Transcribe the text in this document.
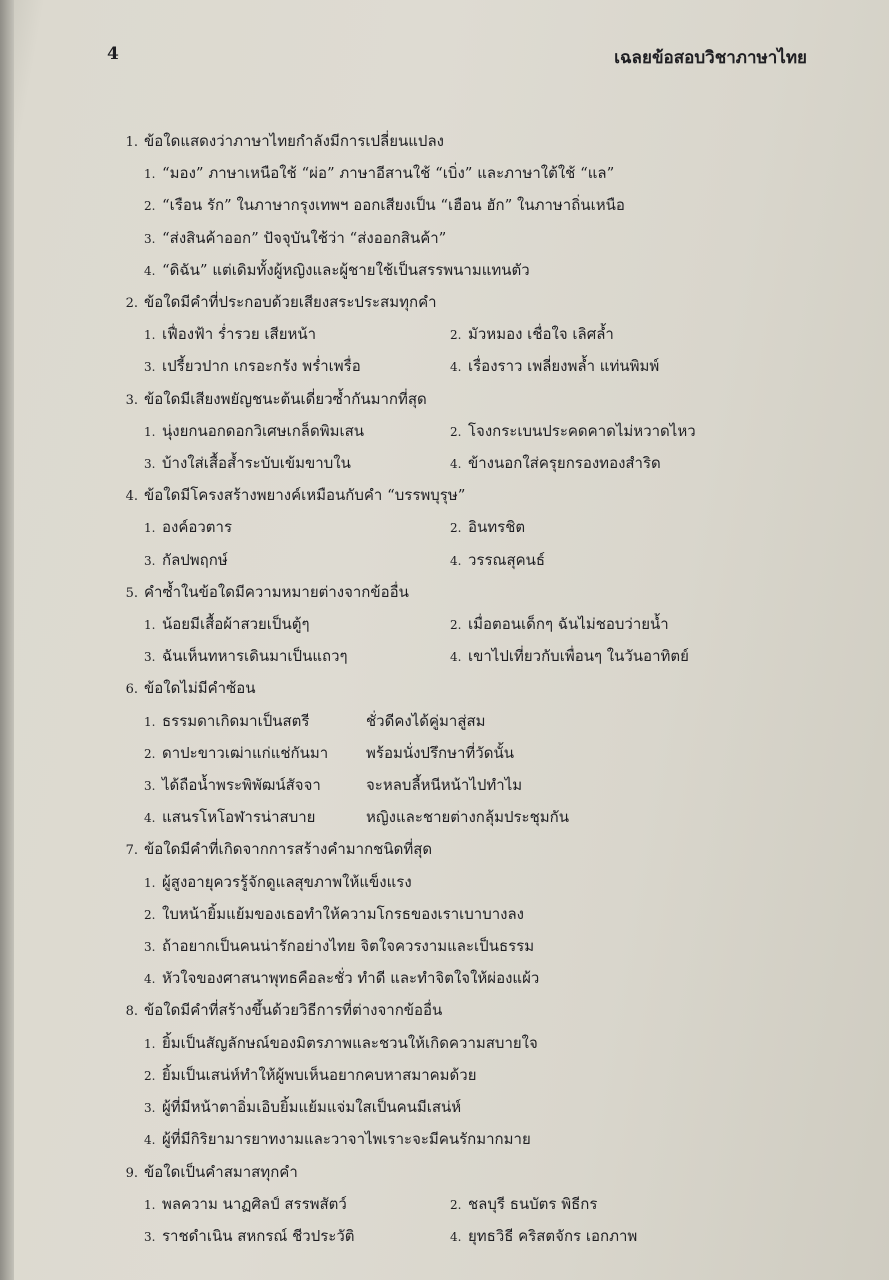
4	เฉลยข้อสอบวิชาภาษาไทย
1. ข้อใดแสดงว่าภาษาไทยกำลังมีการเปลี่ยนแปลง
1. “มอง” ภาษาเหนือใช้ “ผ่อ” ภาษาอีสานใช้ “เบิ่ง” และภาษาใต้ใช้ “แล”
2. “เรือน รัก” ในภาษากรุงเทพฯ ออกเสียงเป็น “เฮือน ฮัก” ในภาษาถิ่นเหนือ
3. “ส่งสินค้าออก” ปัจจุบันใช้ว่า “ส่งออกสินค้า”
4. “ดิฉัน” แต่เดิมทั้งผู้หญิงและผู้ชายใช้เป็นสรรพนามแทนตัว
2. ข้อใดมีคำที่ประกอบด้วยเสียงสระประสมทุกคำ
1. เฟื่องฟ้า ร่ำรวย เสียหน้า	2. มัวหมอง เชื่อใจ เลิศล้ำ
3. เปรี้ยวปาก เกรอะกรัง พร่ำเพรื่อ	4. เรื่องราว เพลี่ยงพล้ำ แท่นพิมพ์
3. ข้อใดมีเสียงพยัญชนะต้นเดี่ยวซ้ำกันมากที่สุด
1. นุ่งยกนอกดอกวิเศษเกล็ดพิมเสน	2. โจงกระเบนประคดคาดไม่หวาดไหว
3. บ้างใส่เสื้อส้ำระบับเข้มขาบใน	4. ข้างนอกใส่ครุยกรองทองสำริด
4. ข้อใดมีโครงสร้างพยางค์เหมือนกับคำ “บรรพบุรุษ”
1. องค์อวตาร	2. อินทรชิต
3. กัลปพฤกษ์	4. วรรณสุคนธ์
5. คำซ้ำในข้อใดมีความหมายต่างจากข้ออื่น
1. น้อยมีเสื้อผ้าสวยเป็นตู้ๆ	2. เมื่อตอนเด็กๆ ฉันไม่ชอบว่ายน้ำ
3. ฉันเห็นทหารเดินมาเป็นแถวๆ	4. เขาไปเที่ยวกับเพื่อนๆ ในวันอาทิตย์
6. ข้อใดไม่มีคำซ้อน
1. ธรรมดาเกิดมาเป็นสตรี	ชั่วดีคงได้คู่มาสู่สม
2. ดาปะขาวเฒ่าแก่แช่กันมา	พร้อมนั่งปรึกษาที่วัดนั้น
3. ได้ถือน้ำพระพิพัฒน์สัจจา	จะหลบลี้หนีหน้าไปทำไม
4. แสนรโหโอฬารน่าสบาย	หญิงและชายต่างกลุ้มประชุมกัน
7. ข้อใดมีคำที่เกิดจากการสร้างคำมากชนิดที่สุด
1. ผู้สูงอายุควรรู้จักดูแลสุขภาพให้แข็งแรง
2. ใบหน้ายิ้มแย้มของเธอทำให้ความโกรธของเราเบาบางลง
3. ถ้าอยากเป็นคนน่ารักอย่างไทย จิตใจควรงามและเป็นธรรม
4. หัวใจของศาสนาพุทธคือละชั่ว ทำดี และทำจิตใจให้ผ่องแผ้ว
8. ข้อใดมีคำที่สร้างขึ้นด้วยวิธีการที่ต่างจากข้ออื่น
1. ยิ้มเป็นสัญลักษณ์ของมิตรภาพและชวนให้เกิดความสบายใจ
2. ยิ้มเป็นเสน่ห์ทำให้ผู้พบเห็นอยากคบหาสมาคมด้วย
3. ผู้ที่มีหน้าตาอิ่มเอิบยิ้มแย้มแจ่มใสเป็นคนมีเสน่ห์
4. ผู้ที่มีกิริยามารยาทงามและวาจาไพเราะจะมีคนรักมากมาย
9. ข้อใดเป็นคำสมาสทุกคำ
1. พลความ นาฏศิลป์ สรรพสัตว์	2. ชลบุรี ธนบัตร พิธีกร
3. ราชดำเนิน สหกรณ์ ชีวประวัติ	4. ยุทธวิธี คริสตจักร เอกภาพ
